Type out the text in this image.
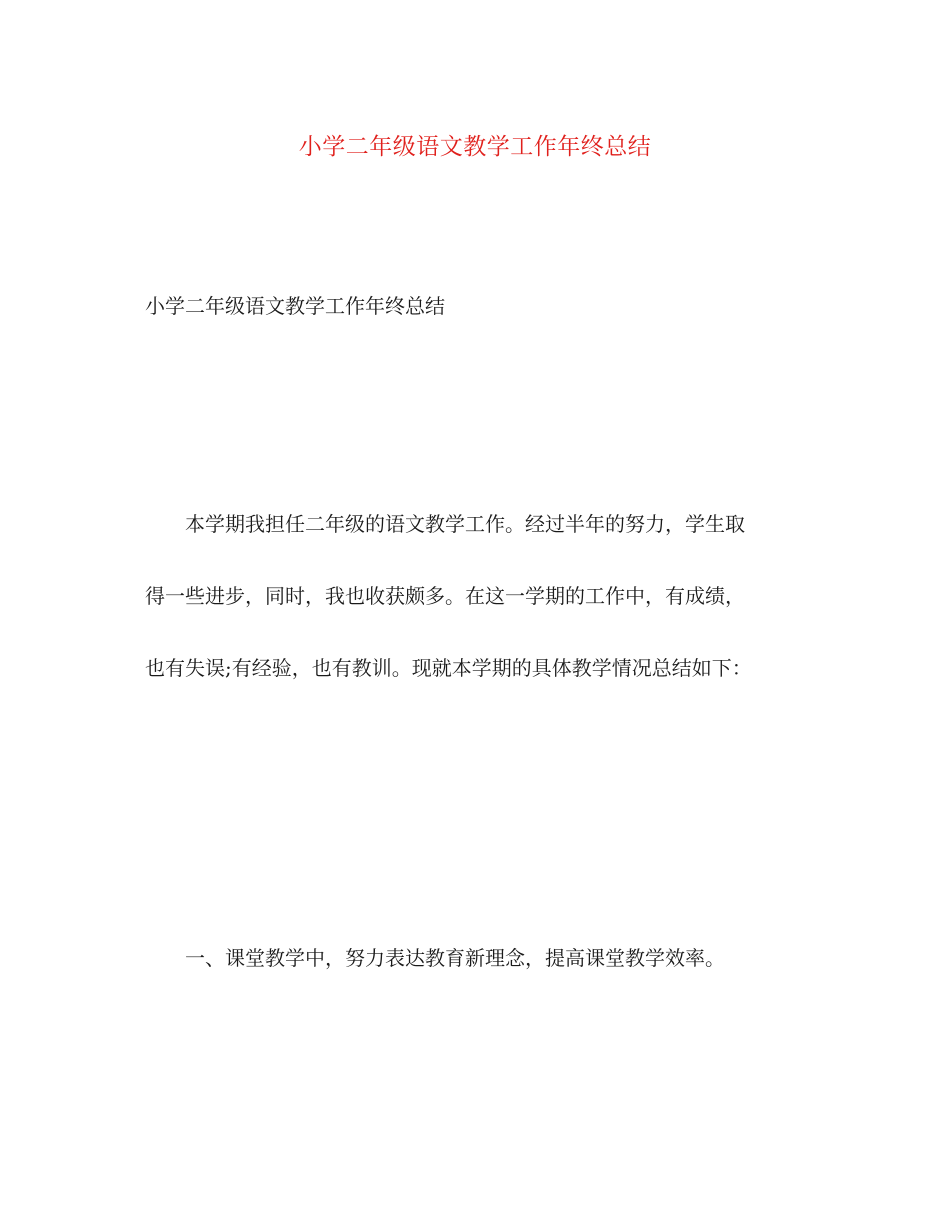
小学二年级语文教学工作年终总结
小学二年级语文教学工作年终总结

本学期我担任二年级的语文教学工作。经过半年的努力，学生取

得一些进步，同时，我也收获颇多。在这一学期的工作中，有成绩，

也有失误;有经验，也有教训。现就本学期的具体教学情况总结如下：

一、课堂教学中，努力表达教育新理念，提高课堂教学效率。
